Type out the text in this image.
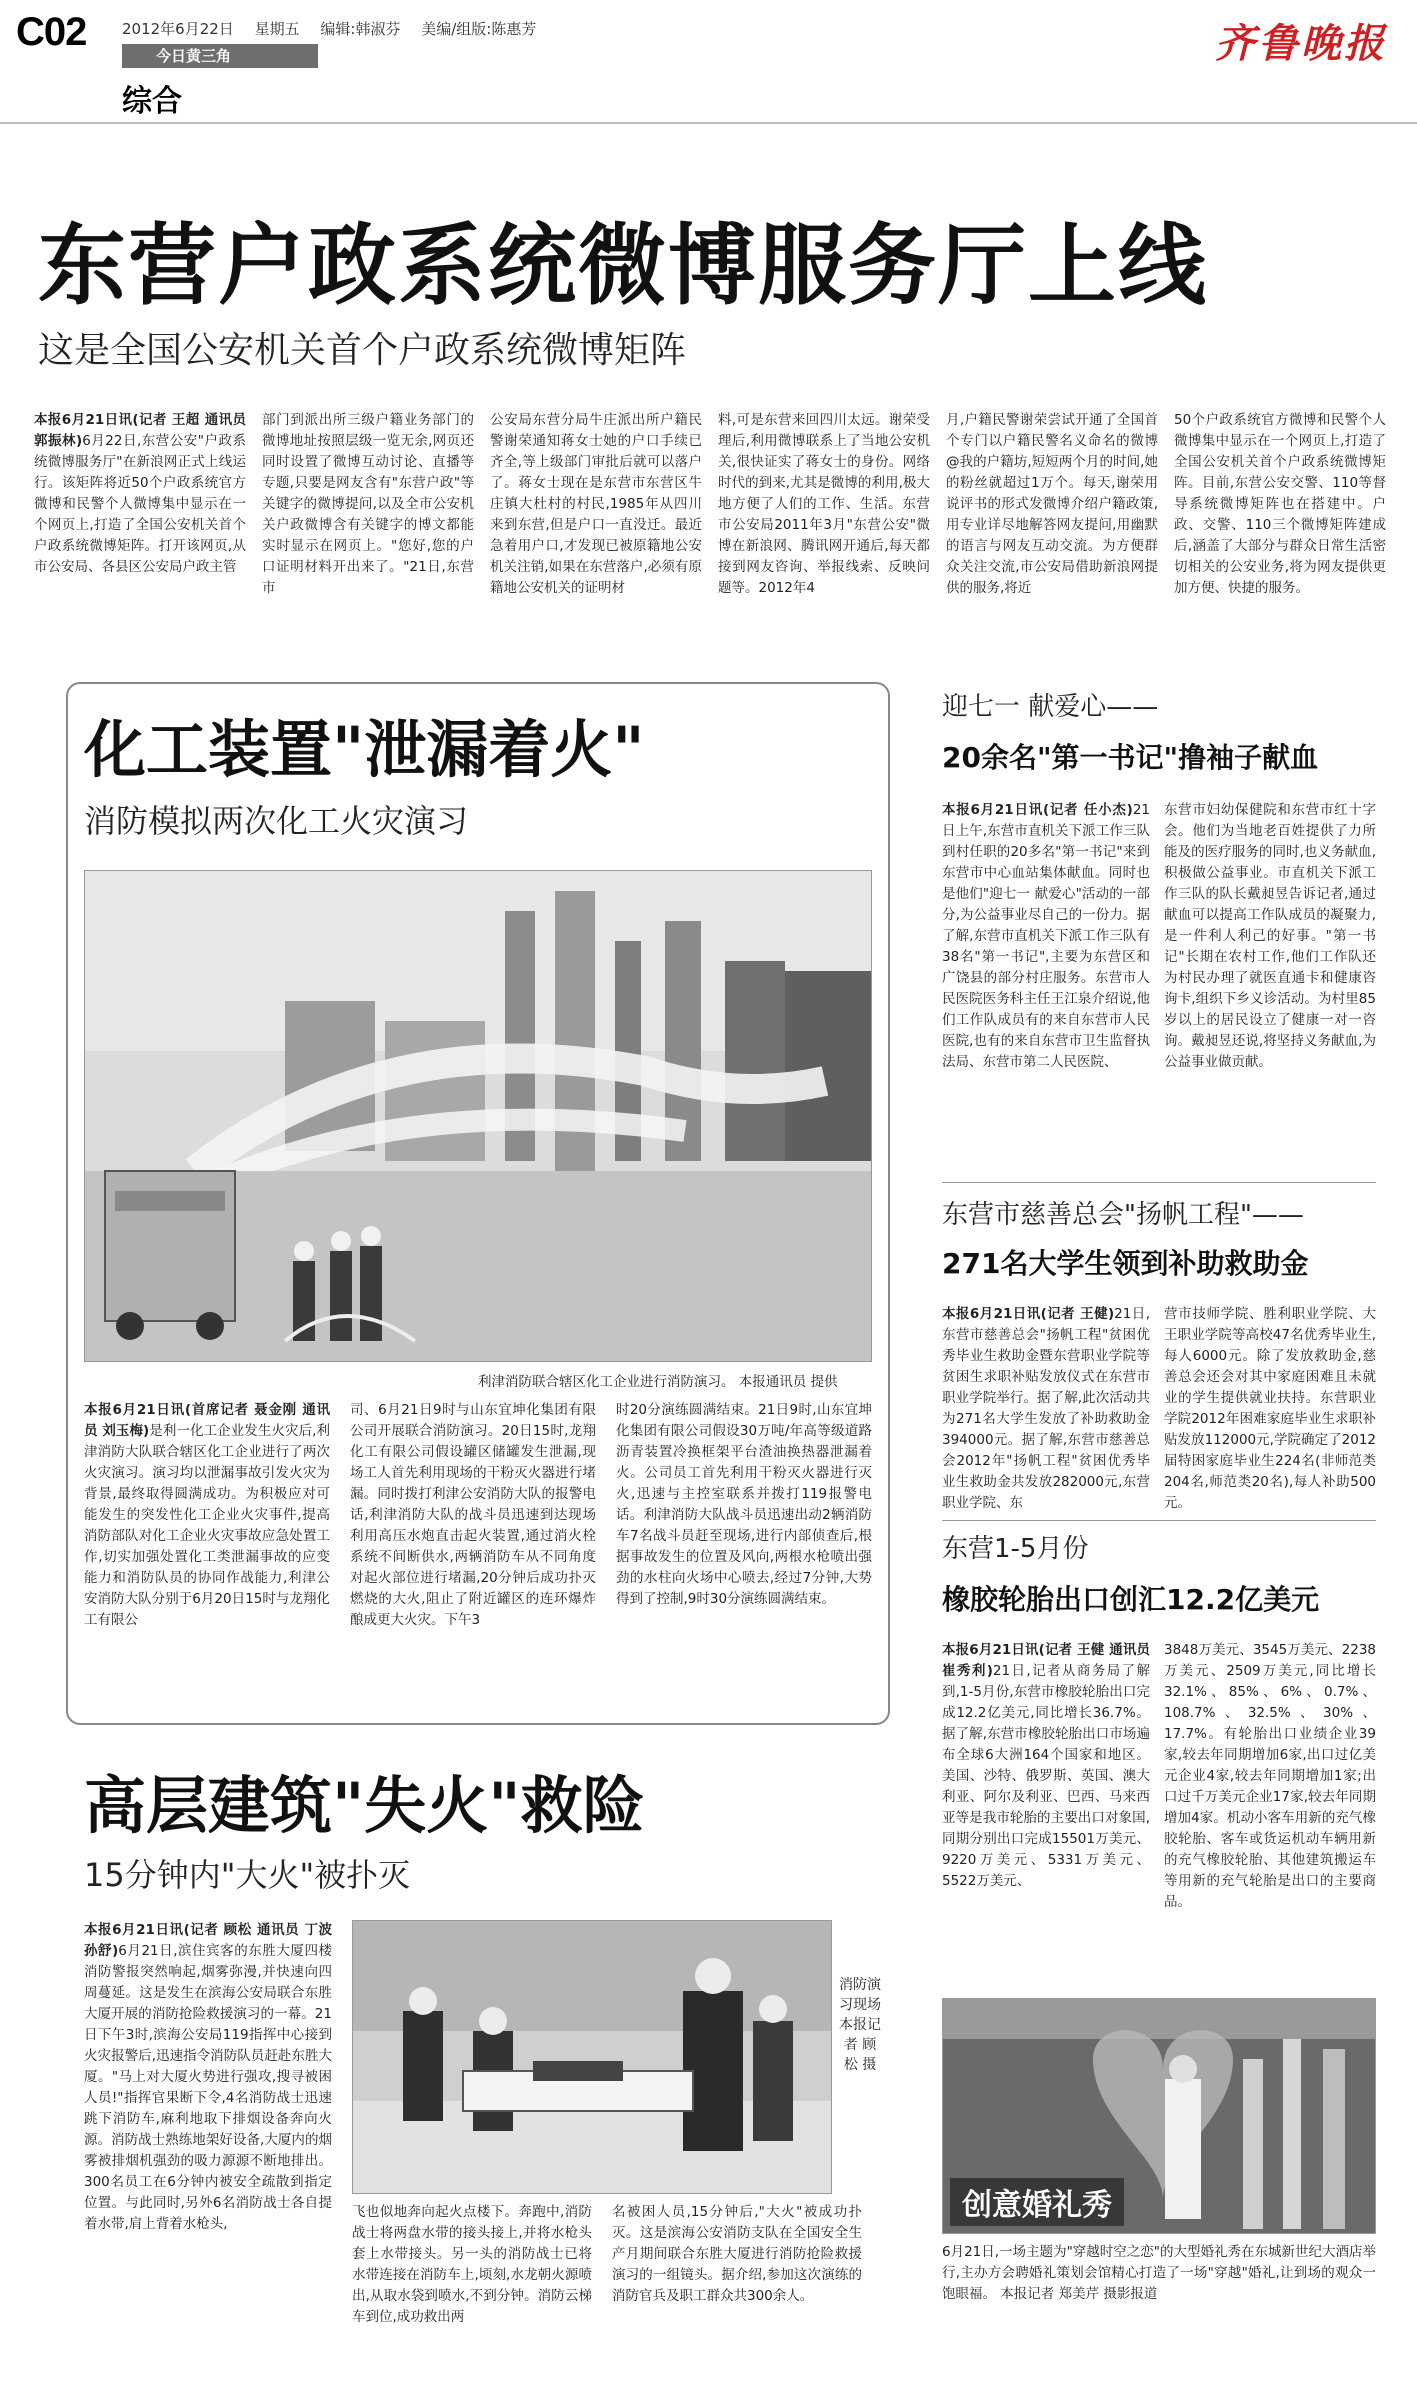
C02 2012年6月22日 星期五 编辑:韩淑芬 美编/组版:陈惠芳
今日黄三角
综合
齐鲁晚报
东营户政系统微博服务厅上线
这是全国公安机关首个户政系统微博矩阵
本报6月21日讯(记者 王超 通讯员 郭振林)6月22日,东营公安"户政系统微博服务厅"在新浪网正式上线运行。该矩阵将近50个户政系统官方微博和民警个人微博集中显示在一个网页上,打造了全国公安机关首个户政系统微博矩阵。打开该网页,从市公安局、各县区公安局户政主管
部门到派出所三级户籍业务部门的微博地址按照层级一览无余,网页还同时设置了微博互动讨论、直播等专题,只要是网友含有"东营户政"等关键字的微博提问,以及全市公安机关户政微博含有关键字的博文都能实时显示在网页上。"您好,您的户口证明材料开出来了。"21日,东营市
公安局东营分局牛庄派出所户籍民警谢荣通知蒋女士她的户口手续已齐全,等上级部门审批后就可以落户了。蒋女士现在是东营市东营区牛庄镇大杜村的村民,1985年从四川来到东营,但是户口一直没迁。最近急着用户口,才发现已被原籍地公安机关注销,如果在东营落户,必须有原籍地公安机关的证明材
料,可是东营来回四川太远。谢荣受理后,利用微博联系上了当地公安机关,很快证实了蒋女士的身份。网络时代的到来,尤其是微博的利用,极大地方便了人们的工作、生活。东营市公安局2011年3月"东营公安"微博在新浪网、腾讯网开通后,每天都接到网友咨询、举报线索、反映问题等。2012年4
月,户籍民警谢荣尝试开通了全国首个专门以户籍民警名义命名的微博@我的户籍坊,短短两个月的时间,她的粉丝就超过1万个。每天,谢荣用说评书的形式发微博介绍户籍政策,用专业详尽地解答网友提问,用幽默的语言与网友互动交流。为方便群众关注交流,市公安局借助新浪网提供的服务,将近
50个户政系统官方微博和民警个人微博集中显示在一个网页上,打造了全国公安机关首个户政系统微博矩阵。目前,东营公安交警、110等督导系统微博矩阵也在搭建中。户政、交警、110三个微博矩阵建成后,涵盖了大部分与群众日常生活密切相关的公安业务,将为网友提供更加方便、快捷的服务。
化工装置"泄漏着火"
消防模拟两次化工火灾演习
利津消防联合辖区化工企业进行消防演习。 本报通讯员 提供
本报6月21日讯(首席记者 聂金刚 通讯员 刘玉梅)是利一化工企业发生火灾后,利津消防大队联合辖区化工企业进行了两次火灾演习。演习均以泄漏事故引发火灾为背景,最终取得圆满成功。为积极应对可能发生的突发性化工企业火灾事件,提高消防部队对化工企业火灾事故应急处置工作,切实加强处置化工类泄漏事故的应变能力和消防队员的协同作战能力,利津公安消防大队分别于6月20日15时与龙翔化工有限公
司、6月21日9时与山东宜坤化集团有限公司开展联合消防演习。20日15时,龙翔化工有限公司假设罐区储罐发生泄漏,现场工人首先利用现场的干粉灭火器进行堵漏。同时拨打利津公安消防大队的报警电话,利津消防大队的战斗员迅速到达现场利用高压水炮直击起火装置,通过消火栓系统不间断供水,两辆消防车从不同角度对起火部位进行堵漏,20分钟后成功扑灭燃烧的大火,阻止了附近罐区的连环爆炸酿成更大火灾。下午3
时20分演练圆满结束。21日9时,山东宜坤化集团有限公司假设30万吨/年高等级道路沥青装置冷换框架平台渣油换热器泄漏着火。公司员工首先利用干粉灭火器进行灭火,迅速与主控室联系并拨打119报警电话。利津消防大队战斗员迅速出动2辆消防车7名战斗员赶至现场,进行内部侦查后,根据事故发生的位置及风向,两根水枪喷出强劲的水柱向火场中心喷去,经过7分钟,大势得到了控制,9时30分演练圆满结束。
高层建筑"失火"救险
15分钟内"大火"被扑灭
本报6月21日讯(记者 顾松 通讯员 丁波 孙舒)6月21日,滨住宾客的东胜大厦四楼消防警报突然响起,烟雾弥漫,并快速向四周蔓延。这是发生在滨海公安局联合东胜大厦开展的消防抢险救援演习的一幕。21日下午3时,滨海公安局119指挥中心接到火灾报警后,迅速指令消防队员赶赴东胜大厦。"马上对大厦火势进行强攻,搜寻被困人员!"指挥官果断下令,4名消防战士迅速跳下消防车,麻利地取下排烟设备奔向火源。消防战士熟练地架好设备,大厦内的烟雾被排烟机强劲的吸力源源不断地排出。300名员工在6分钟内被安全疏散到指定位置。与此同时,另外6名消防战士各自提着水带,肩上背着水枪头,
消防演习现场 本报记者 顾松 摄
飞也似地奔向起火点楼下。奔跑中,消防战士将两盘水带的接头接上,并将水枪头套上水带接头。另一头的消防战士已将水带连接在消防车上,顷刻,水龙朝火源喷出,从取水袋到喷水,不到分钟。消防云梯车到位,成功救出两
名被困人员,15分钟后,"大火"被成功扑灭。这是滨海公安消防支队在全国安全生产月期间联合东胜大厦进行消防抢险救援演习的一组镜头。据介绍,参加这次演练的消防官兵及职工群众共300余人。
迎七一 献爱心——
20余名"第一书记"撸袖子献血
本报6月21日讯(记者 任小杰)21日上午,东营市直机关下派工作三队到村任职的20多名"第一书记"来到东营市中心血站集体献血。同时也是他们"迎七一 献爱心"活动的一部分,为公益事业尽自己的一份力。据了解,东营市直机关下派工作三队有38名"第一书记",主要为东营区和广饶县的部分村庄服务。东营市人民医院医务科主任王江泉介绍说,他们工作队成员有的来自东营市人民医院,也有的来自东营市卫生监督执法局、东营市第二人民医院、
东营市妇幼保健院和东营市红十字会。他们为当地老百姓提供了力所能及的医疗服务的同时,也义务献血,积极做公益事业。市直机关下派工作三队的队长戴昶昱告诉记者,通过献血可以提高工作队成员的凝聚力,是一件利人利己的好事。"第一书记"长期在农村工作,他们工作队还为村民办理了就医直通卡和健康咨询卡,组织下乡义诊活动。为村里85岁以上的居民设立了健康一对一咨询。戴昶昱还说,将坚持义务献血,为公益事业做贡献。
东营市慈善总会"扬帆工程"——
271名大学生领到补助救助金
本报6月21日讯(记者 王健)21日,东营市慈善总会"扬帆工程"贫困优秀毕业生救助金暨东营职业学院等贫困生求职补贴发放仪式在东营市职业学院举行。据了解,此次活动共为271名大学生发放了补助救助金394000元。据了解,东营市慈善总会2012年"扬帆工程"贫困优秀毕业生救助金共发放282000元,东营职业学院、东
营市技师学院、胜利职业学院、大王职业学院等高校47名优秀毕业生,每人6000元。除了发放救助金,慈善总会还会对其中家庭困难且未就业的学生提供就业扶持。东营职业学院2012年困难家庭毕业生求职补贴发放112000元,学院确定了2012届特困家庭毕业生224名(非师范类204名,师范类20名),每人补助500元。
东营1-5月份
橡胶轮胎出口创汇12.2亿美元
本报6月21日讯(记者 王健 通讯员 崔秀利)21日,记者从商务局了解到,1-5月份,东营市橡胶轮胎出口完成12.2亿美元,同比增长36.7%。据了解,东营市橡胶轮胎出口市场遍布全球6大洲164个国家和地区。美国、沙特、俄罗斯、英国、澳大利亚、阿尔及利亚、巴西、马来西亚等是我市轮胎的主要出口对象国,同期分别出口完成15501万美元、9220万美元、5331万美元、5522万美元、
3848万美元、3545万美元、2238万美元、2509万美元,同比增长32.1%、85%、6%、0.7%、108.7%、32.5%、30%、17.7%。有轮胎出口业绩企业39家,较去年同期增加6家,出口过亿美元企业4家,较去年同期增加1家;出口过千万美元企业17家,较去年同期增加4家。机动小客车用新的充气橡胶轮胎、客车或货运机动车辆用新的充气橡胶轮胎、其他建筑搬运车等用新的充气轮胎是出口的主要商品。
创意婚礼秀
6月21日,一场主题为"穿越时空之恋"的大型婚礼秀在东城新世纪大酒店举行,主办方会聘婚礼策划会馆精心打造了一场"穿越"婚礼,让到场的观众一饱眼福。 本报记者 郑美芹 摄影报道
